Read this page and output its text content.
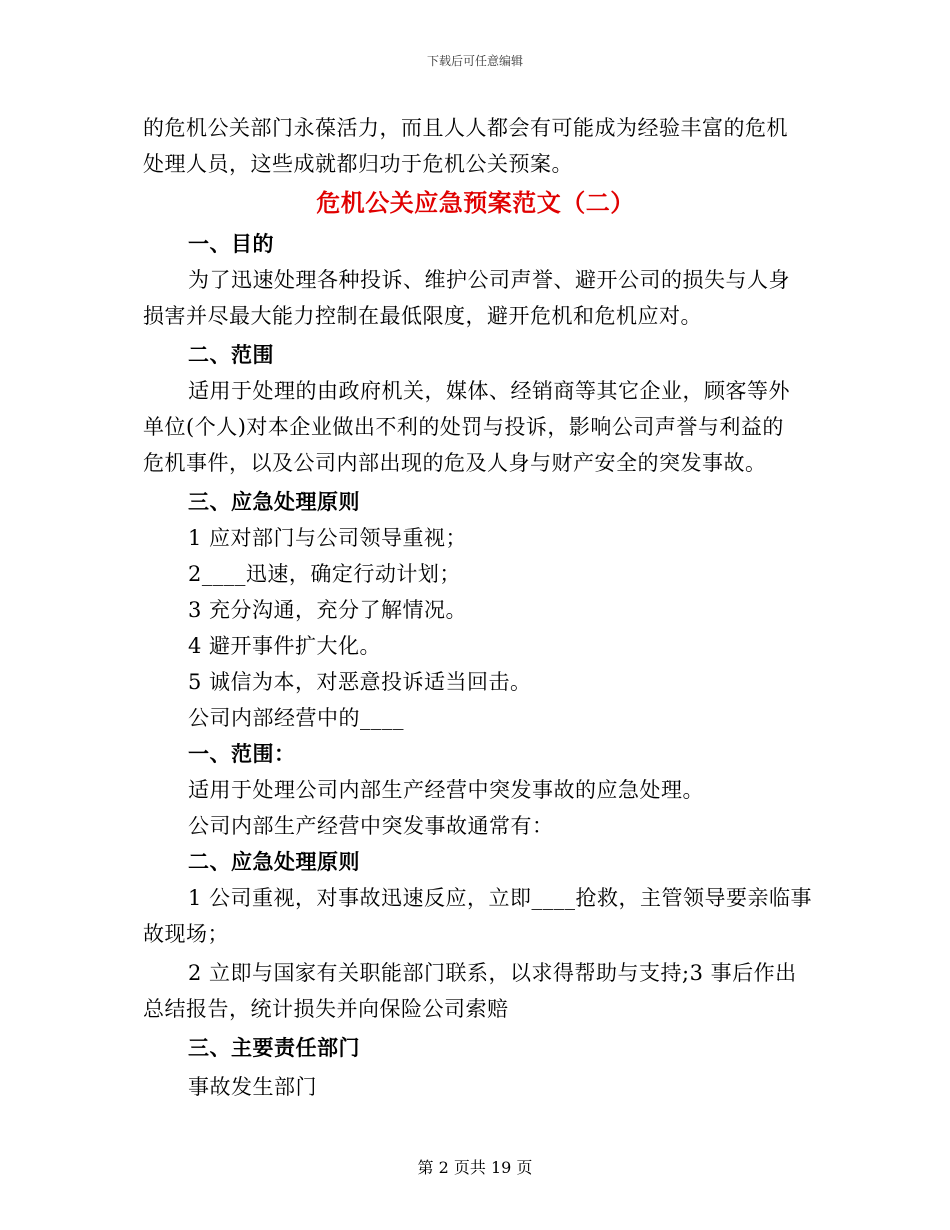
下载后可任意编辑

的危机公关部门永葆活力，而且人人都会有可能成为经验丰富的危机

处理人员，这些成就都归功于危机公关预案。

危机公关应急预案范文（二）

一、目的

为了迅速处理各种投诉、维护公司声誉、避开公司的损失与人身

损害并尽最大能力控制在最低限度，避开危机和危机应对。

二、范围

适用于处理的由政府机关，媒体、经销商等其它企业，顾客等外

单位(个人)对本企业做出不利的处罚与投诉，影响公司声誉与利益的

危机事件，以及公司内部出现的危及人身与财产安全的突发事故。

三、应急处理原则

1 应对部门与公司领导重视；

2____迅速，确定行动计划；

3 充分沟通，充分了解情况。

4 避开事件扩大化。

5 诚信为本，对恶意投诉适当回击。

公司内部经营中的____

一、范围：

适用于处理公司内部生产经营中突发事故的应急处理。

公司内部生产经营中突发事故通常有：

二、应急处理原则

1 公司重视，对事故迅速反应，立即____抢救，主管领导要亲临事

故现场；

2 立即与国家有关职能部门联系，以求得帮助与支持;3 事后作出

总结报告，统计损失并向保险公司索赔

三、主要责任部门

事故发生部门

第 2 页共 19 页
